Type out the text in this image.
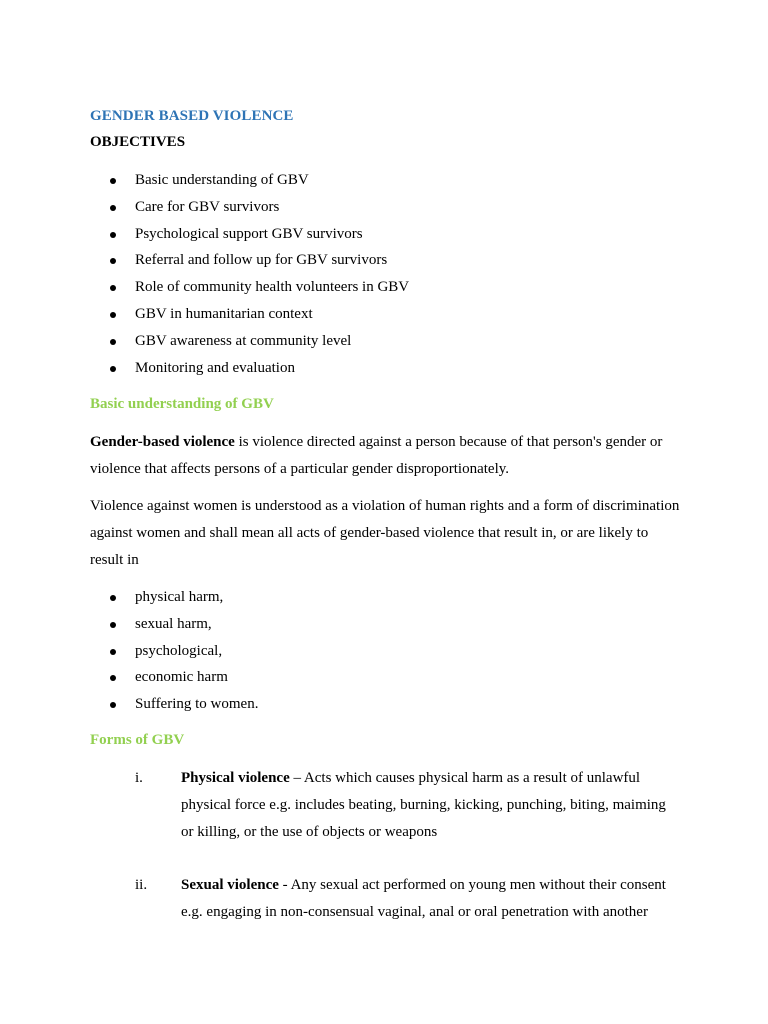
GENDER BASED VIOLENCE
OBJECTIVES
Basic understanding of GBV
Care for GBV survivors
Psychological support GBV survivors
Referral and follow up for GBV survivors
Role of community health volunteers in GBV
GBV in humanitarian context
GBV awareness at community level
Monitoring and evaluation
Basic understanding of GBV

Gender-based violence is violence directed against a person because of that person's gender or violence that affects persons of a particular gender disproportionately.

Violence against women is understood as a violation of human rights and a form of discrimination against women and shall mean all acts of gender-based violence that result in, or are likely to result in

physical harm,
sexual harm,
psychological,
economic harm
Suffering to women.
Forms of GBV
i.	Physical violence – Acts which causes physical harm as a result of unlawful physical force e.g. includes beating, burning, kicking, punching, biting, maiming or killing, or the use of objects or weapons
ii. Sexual violence - Any sexual act performed on young men without their consent e.g. engaging in non-consensual vaginal, anal or oral penetration with another
